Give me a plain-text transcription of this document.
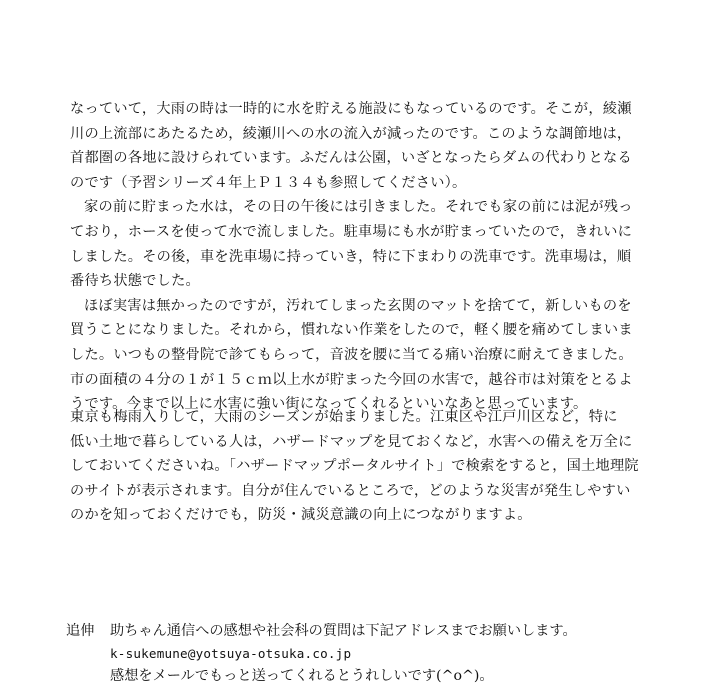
なっていて，大雨の時は一時的に水を貯える施設にもなっているのです。そこが，綾瀬
川の上流部にあたるため，綾瀬川への水の流入が減ったのです。このような調節地は，
首都圏の各地に設けられています。ふだんは公園，いざとなったらダムの代わりとなる
のです（予習シリーズ４年上Ｐ１３４も参照してください）。
家の前に貯まった水は，その日の午後には引きました。それでも家の前には泥が残っ
ており，ホースを使って水で流しました。駐車場にも水が貯まっていたので，きれいに
しました。その後，車を洗車場に持っていき，特に下まわりの洗車です。洗車場は，順
番待ち状態でした。
ほぼ実害は無かったのですが，汚れてしまった玄関のマットを捨てて，新しいものを
買うことになりました。それから，慣れない作業をしたので，軽く腰を痛めてしまいま
した。いつもの整骨院で診てもらって，音波を腰に当てる痛い治療に耐えてきました。
市の面積の４分の１が１５ｃｍ以上水が貯まった今回の水害で，越谷市は対策をとるよ
うです。今まで以上に水害に強い街になってくれるといいなあと思っています。
東京も梅雨入りして，大雨のシーズンが始まりました。江東区や江戸川区など，特に
低い土地で暮らしている人は，ハザードマップを見ておくなど，水害への備えを万全に
しておいてくださいね。「ハザードマップポータルサイト」で検索をすると，国土地理院
のサイトが表示されます。自分が住んでいるところで，どのような災害が発生しやすい
のかを知っておくだけでも，防災・減災意識の向上につながりますよ。
追伸 助ちゃん通信への感想や社会科の質問は下記アドレスまでお願いします。
k-sukemune@yotsuya-otsuka.co.jp
感想をメールでもっと送ってくれるとうれしいです(^o^)。
